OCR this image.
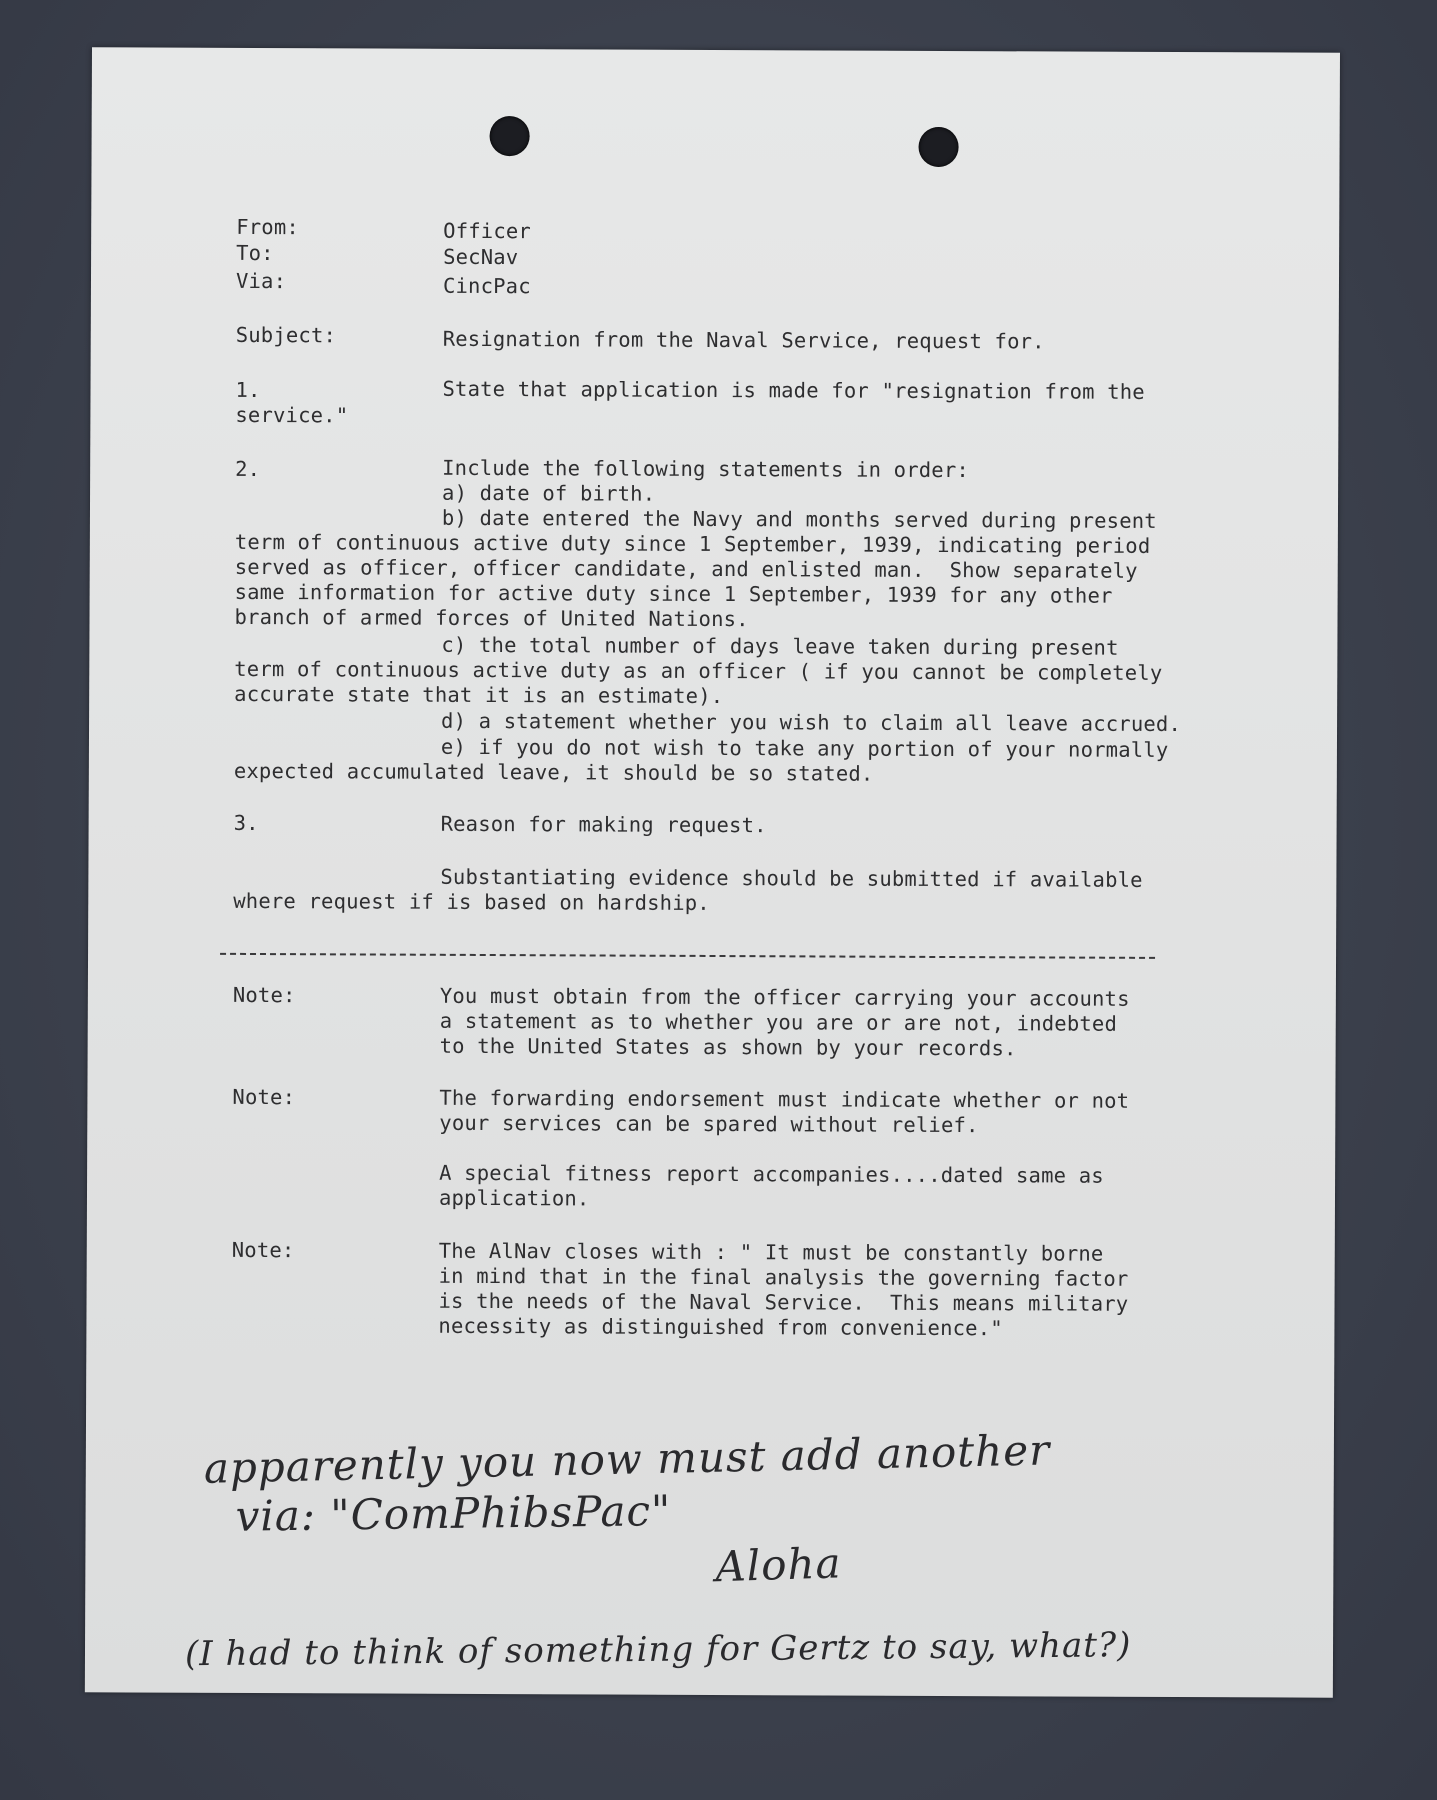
From:	Officer
To:	SecNav
Via:	CincPac
Subject:	Resignation from the Naval Service, request for.
1.	State that application is made for "resignation from the
service."
2.	Include the following statements in order:
a) date of birth.
b) date entered the Navy and months served during present
term of continuous active duty since 1 September, 1939, indicating period
served as officer, officer candidate, and enlisted man.  Show separately
same information for active duty since 1 September, 1939 for any other
branch of armed forces of United Nations.
c) the total number of days leave taken during present
term of continuous active duty as an officer ( if you cannot be completely
accurate state that it is an estimate).
d) a statement whether you wish to claim all leave accrued.
e) if you do not wish to take any portion of your normally
expected accumulated leave, it should be so stated.
3.	Reason for making request.
Substantiating evidence should be submitted if available
where request if is based on hardship.
Note:	You must obtain from the officer carrying your accounts
a statement as to whether you are or are not, indebted
to the United States as shown by your records.
Note:	The forwarding endorsement must indicate whether or not
your services can be spared without relief.
A special fitness report accompanies....dated same as
application.
Note:	The AlNav closes with : " It must be constantly borne
in mind that in the final analysis the governing factor
is the needs of the Naval Service.  This means military
necessity as distinguished from convenience."
apparently you now must add another
via: "ComPhibsPac"
Aloha
(I had to think of something for Gertz to say, what?)
